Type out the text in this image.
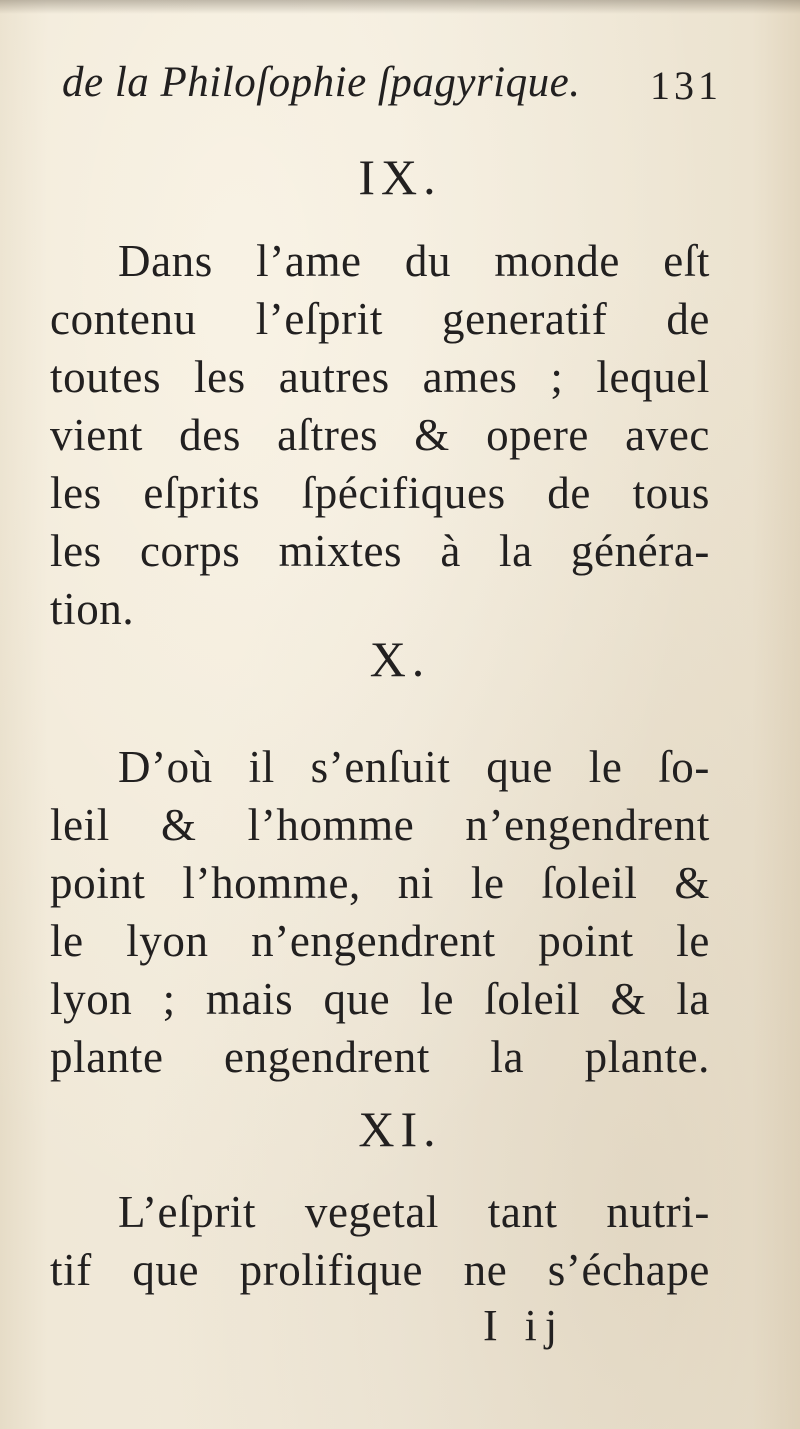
de la Philoſophie ſpagyrique. 131
IX.
Dans l’ame du monde eſt
contenu l’eſprit generatif de
toutes les autres ames ; lequel
vient des aſtres & opere avec
les eſprits ſpécifiques de tous
les corps mixtes à la généra-
tion.
X.
D’où il s’enſuit que le ſo-
leil & l’homme n’engendrent
point l’homme, ni le ſoleil &
le lyon n’engendrent point le
lyon ; mais que le ſoleil & la
plante engendrent la plante.
XI.
L’eſprit vegetal tant nutri-
tif que prolifique ne s’échape
I ij
